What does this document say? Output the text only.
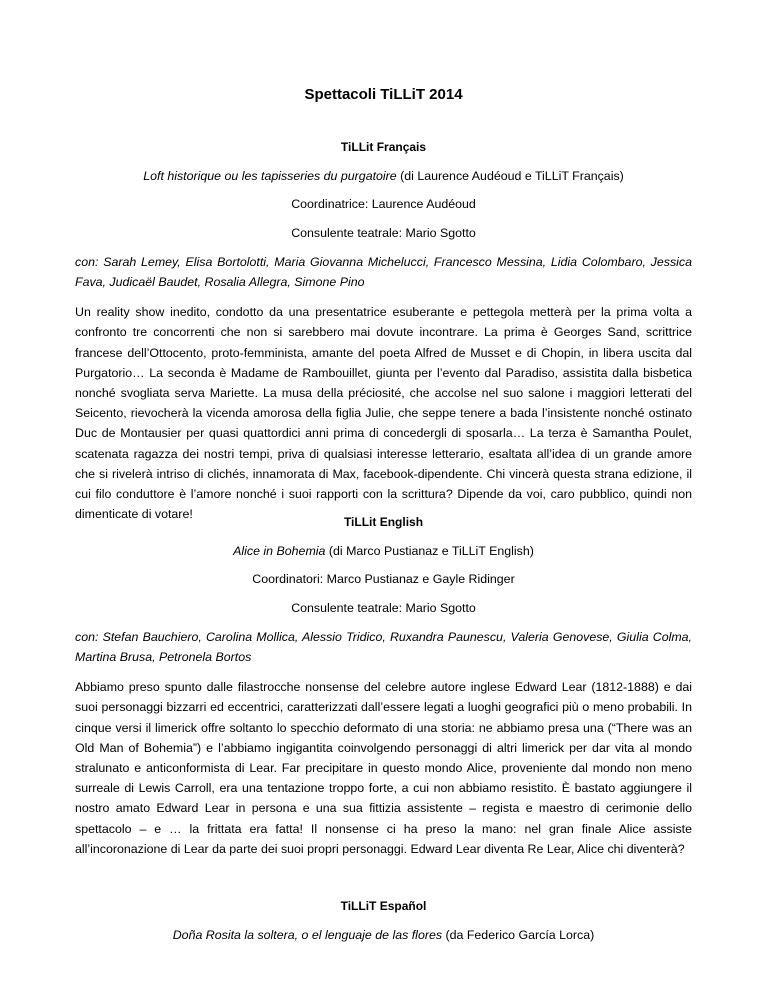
Spettacoli TiLLiT 2014

TiLLit Français

Loft historique ou les tapisseries du purgatoire (di Laurence Audéoud e TiLLiT Français)

Coordinatrice: Laurence Audéoud

Consulente teatrale: Mario Sgotto

con: Sarah Lemey, Elisa Bortolotti, Maria Giovanna Michelucci, Francesco Messina, Lidia Colombaro, Jessica Fava, Judicaël Baudet, Rosalia Allegra, Simone Pino

Un reality show inedito, condotto da una presentatrice esuberante e pettegola metterà per la prima volta a confronto tre concorrenti che non si sarebbero mai dovute incontrare. La prima è Georges Sand, scrittrice francese dell’Ottocento, proto-femminista, amante del poeta Alfred de Musset e di Chopin, in libera uscita dal Purgatorio… La seconda è Madame de Rambouillet, giunta per l’evento dal Paradiso, assistita dalla bisbetica nonché svogliata serva Mariette. La musa della préciosité, che accolse nel suo salone i maggiori letterati del Seicento, rievocherà la vicenda amorosa della figlia Julie, che seppe tenere a bada l’insistente nonché ostinato Duc de Montausier per quasi quattordici anni prima di concedergli di sposarla… La terza è Samantha Poulet, scatenata ragazza dei nostri tempi, priva di qualsiasi interesse letterario, esaltata all’idea di un grande amore che si rivelerà intriso di clichés, innamorata di Max, facebook-dipendente. Chi vincerà questa strana edizione, il cui filo conduttore è l’amore nonché i suoi rapporti con la scrittura? Dipende da voi, caro pubblico, quindi non dimenticate di votare!

TiLLit English

Alice in Bohemia (di Marco Pustianaz e TiLLiT English)

Coordinatori: Marco Pustianaz e Gayle Ridinger

Consulente teatrale: Mario Sgotto

con: Stefan Bauchiero, Carolina Mollica, Alessio Tridico, Ruxandra Paunescu, Valeria Genovese, Giulia Colma, Martina Brusa, Petronela Bortos

Abbiamo preso spunto dalle filastrocche nonsense del celebre autore inglese Edward Lear (1812-1888) e dai suoi personaggi bizzarri ed eccentrici, caratterizzati dall’essere legati a luoghi geografici più o meno probabili. In cinque versi il limerick offre soltanto lo specchio deformato di una storia: ne abbiamo presa una (“There was an Old Man of Bohemia”) e l’abbiamo ingigantita coinvolgendo personaggi di altri limerick per dar vita al mondo stralunato e anticonformista di Lear. Far precipitare in questo mondo Alice, proveniente dal mondo non meno surreale di Lewis Carroll, era una tentazione troppo forte, a cui non abbiamo resistito. È bastato aggiungere il nostro amato Edward Lear in persona e una sua fittizia assistente – regista e maestro di cerimonie dello spettacolo – e … la frittata era fatta! Il nonsense ci ha preso la mano: nel gran finale Alice assiste all’incoronazione di Lear da parte dei suoi propri personaggi. Edward Lear diventa Re Lear, Alice chi diventerà?

TiLLiT Español

Doña Rosita la soltera, o el lenguaje de las flores (da Federico García Lorca)
